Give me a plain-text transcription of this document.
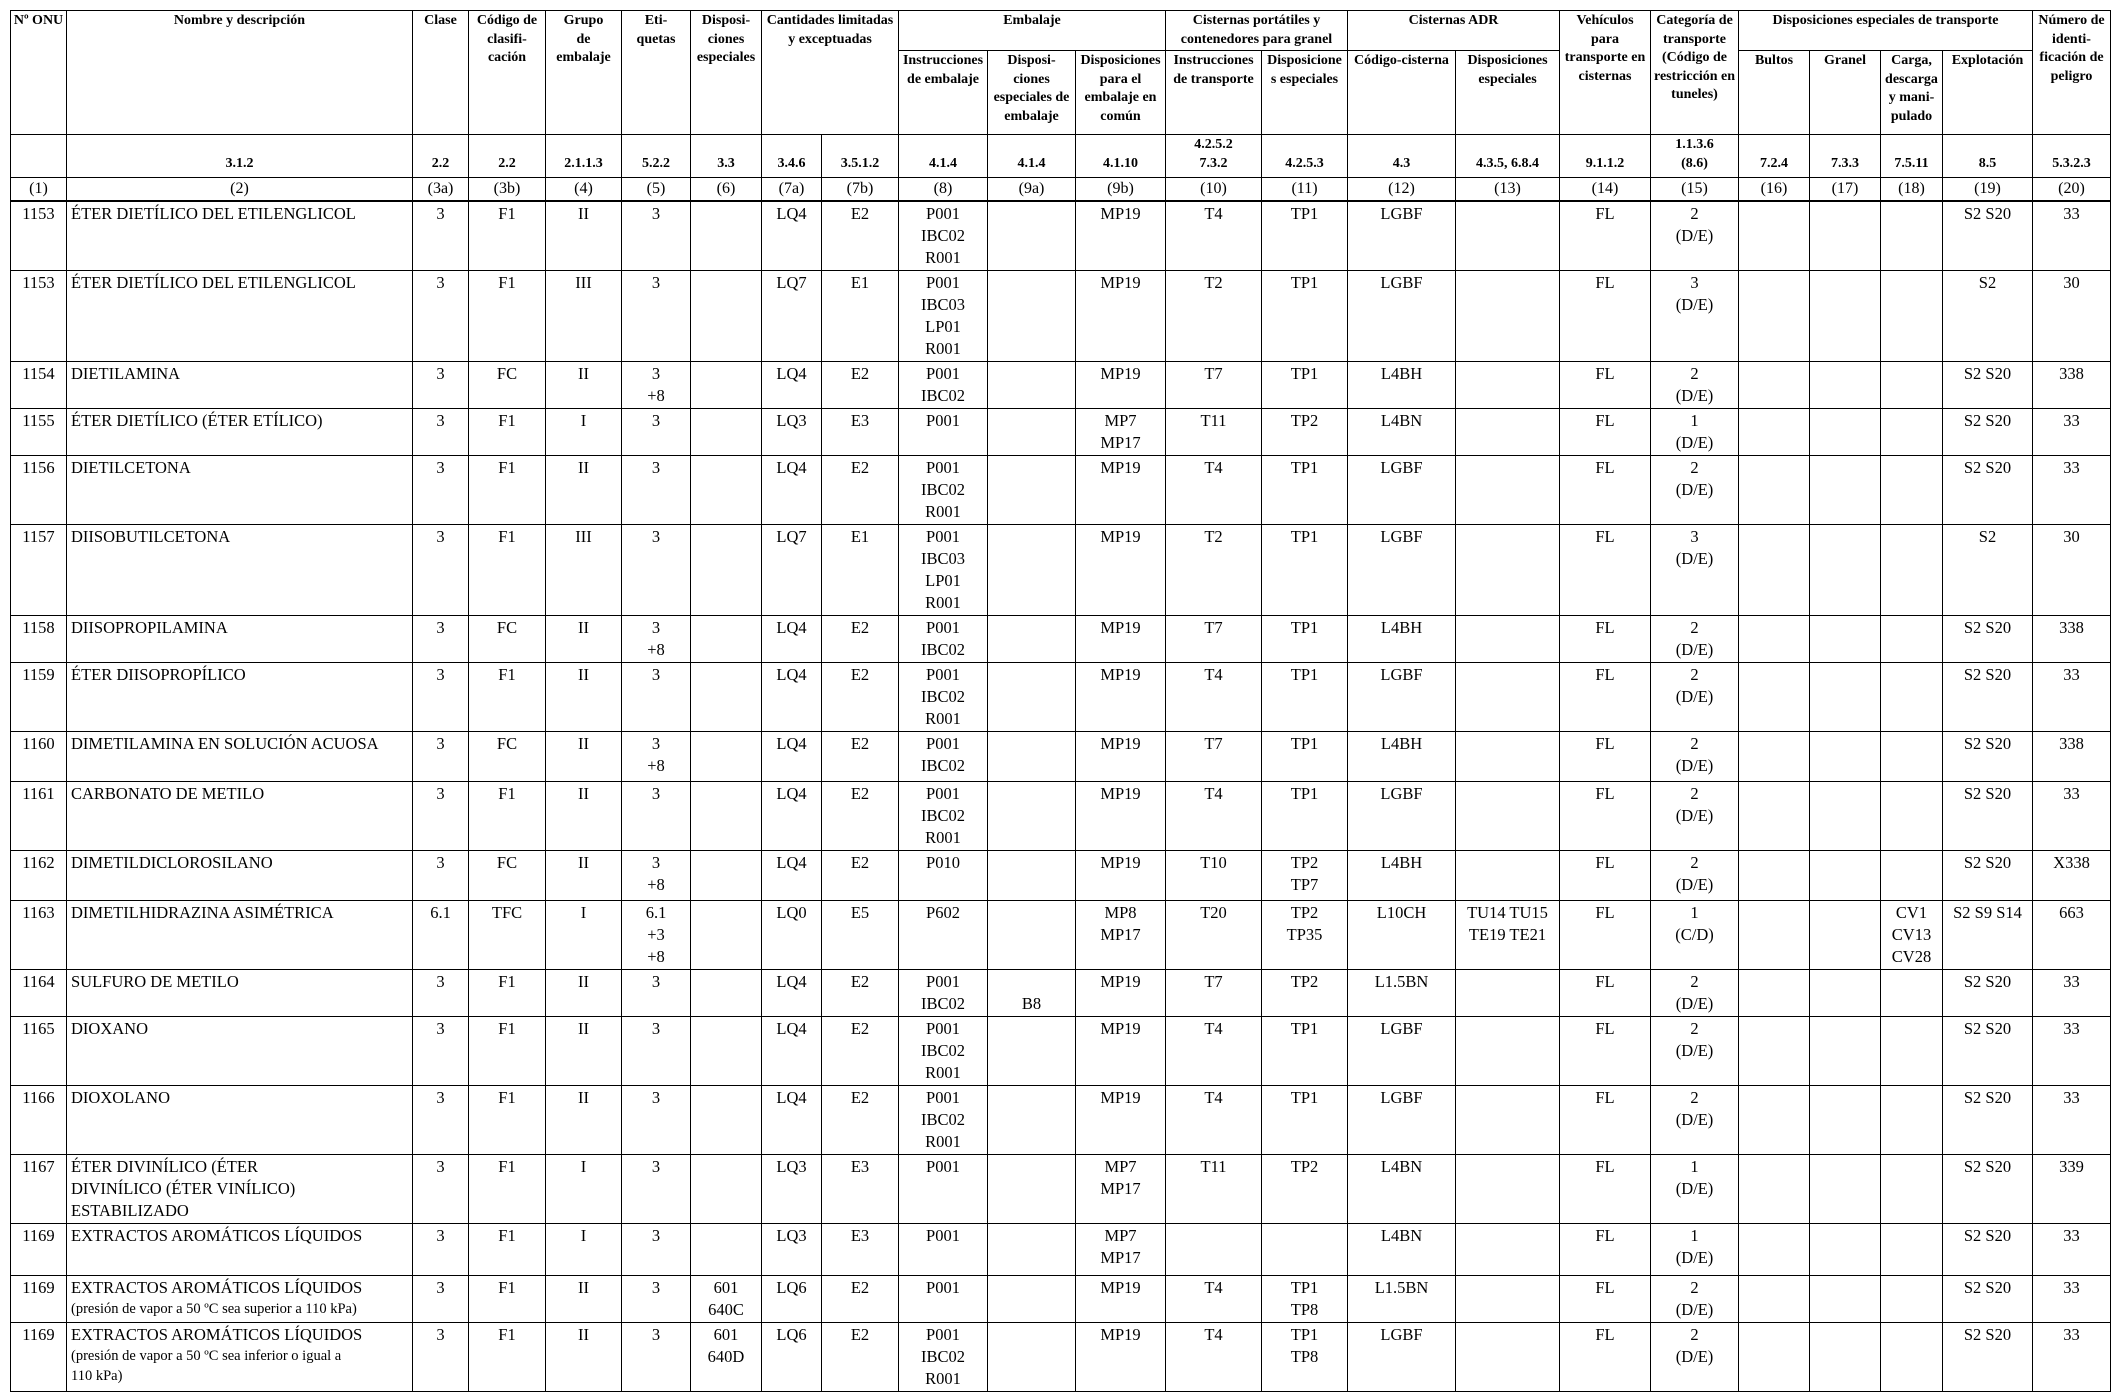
Nº ONU	Nombre y descripción	Clase	Código de
clasifi-
cación	Grupo
de
embalaje	Eti-
quetas	Disposi-
ciones
especiales	Cantidades limitadas
y exceptuadas		Embalaje			Cisternas portátiles y
contenedores para granel		Cisternas ADR		Vehículos
para
transporte en
cisternas	Categoría de
transporte
(Código de
restricción en
tuneles)	Disposiciones especiales de transporte				Número de
identi-
ficación de
peligro
									Instrucciones
de embalaje	Disposi-
ciones
especiales de
embalaje	Disposiciones
para el
embalaje en
común	Instrucciones
de transporte	Disposicione
s especiales	Código-cisterna	Disposiciones
especiales			Bultos	Granel	Carga,
descarga
y mani-
pulado	Explotación	
	3.1.2	2.2	2.2	2.1.1.3	5.2.2	3.3	3.4.6	3.5.1.2	4.1.4	4.1.4	4.1.10	4.2.5.2
7.3.2	4.2.5.3	4.3	4.3.5, 6.8.4	9.1.1.2	1.1.3.6
(8.6)	7.2.4	7.3.3	7.5.11	8.5	5.3.2.3
(1)	(2)	(3a)	(3b)	(4)	(5)	(6)	(7a)	(7b)	(8)	(9a)	(9b)	(10)	(11)	(12)	(13)	(14)	(15)	(16)	(17)	(18)	(19)	(20)
1153	ÉTER DIETÍLICO DEL ETILENGLICOL	3	F1	II	3		LQ4	E2	P001
IBC02
R001		MP19	T4	TP1	LGBF		FL	2
(D/E)				S2 S20	33
1153	ÉTER DIETÍLICO DEL ETILENGLICOL	3	F1	III	3		LQ7	E1	P001
IBC03
LP01
R001		MP19	T2	TP1	LGBF		FL	3
(D/E)				S2	30
1154	DIETILAMINA	3	FC	II	3
+8		LQ4	E2	P001
IBC02		MP19	T7	TP1	L4BH		FL	2
(D/E)				S2 S20	338
1155	ÉTER DIETÍLICO (ÉTER ETÍLICO)	3	F1	I	3		LQ3	E3	P001		MP7
MP17	T11	TP2	L4BN		FL	1
(D/E)				S2 S20	33
1156	DIETILCETONA	3	F1	II	3		LQ4	E2	P001
IBC02
R001		MP19	T4	TP1	LGBF		FL	2
(D/E)				S2 S20	33
1157	DIISOBUTILCETONA	3	F1	III	3		LQ7	E1	P001
IBC03
LP01
R001		MP19	T2	TP1	LGBF		FL	3
(D/E)				S2	30
1158	DIISOPROPILAMINA	3	FC	II	3
+8		LQ4	E2	P001
IBC02		MP19	T7	TP1	L4BH		FL	2
(D/E)				S2 S20	338
1159	ÉTER DIISOPROPÍLICO	3	F1	II	3		LQ4	E2	P001
IBC02
R001		MP19	T4	TP1	LGBF		FL	2
(D/E)				S2 S20	33
1160	DIMETILAMINA EN SOLUCIÓN ACUOSA	3	FC	II	3
+8		LQ4	E2	P001
IBC02		MP19	T7	TP1	L4BH		FL	2
(D/E)				S2 S20	338
1161	CARBONATO DE METILO	3	F1	II	3		LQ4	E2	P001
IBC02
R001		MP19	T4	TP1	LGBF		FL	2
(D/E)				S2 S20	33
1162	DIMETILDICLOROSILANO	3	FC	II	3
+8		LQ4	E2	P010		MP19	T10	TP2
TP7	L4BH		FL	2
(D/E)				S2 S20	X338
1163	DIMETILHIDRAZINA ASIMÉTRICA	6.1	TFC	I	6.1
+3
+8		LQ0	E5	P602		MP8
MP17	T20	TP2
TP35	L10CH	TU14 TU15
TE19 TE21	FL	1
(C/D)			CV1
CV13
CV28	S2 S9 S14	663
1164	SULFURO DE METILO	3	F1	II	3		LQ4	E2	P001
IBC02	
B8	MP19	T7	TP2	L1.5BN		FL	2
(D/E)				S2 S20	33
1165	DIOXANO	3	F1	II	3		LQ4	E2	P001
IBC02
R001		MP19	T4	TP1	LGBF		FL	2
(D/E)				S2 S20	33
1166	DIOXOLANO	3	F1	II	3		LQ4	E2	P001
IBC02
R001		MP19	T4	TP1	LGBF		FL	2
(D/E)				S2 S20	33
1167	ÉTER DIVINÍLICO (ÉTER
DIVINÍLICO (ÉTER VINÍLICO)
ESTABILIZADO	3	F1	I	3		LQ3	E3	P001		MP7
MP17	T11	TP2	L4BN		FL	1
(D/E)				S2 S20	339
1169	EXTRACTOS AROMÁTICOS LÍQUIDOS	3	F1	I	3		LQ3	E3	P001		MP7
MP17			L4BN		FL	1
(D/E)				S2 S20	33
1169	EXTRACTOS AROMÁTICOS LÍQUIDOS
(presión de vapor a 50 ºC sea superior a 110 kPa)	3	F1	II	3	601
640C	LQ6	E2	P001		MP19	T4	TP1
TP8	L1.5BN		FL	2
(D/E)				S2 S20	33
1169	EXTRACTOS AROMÁTICOS LÍQUIDOS
(presión de vapor a 50 ºC sea inferior o igual a
110 kPa)	3	F1	II	3	601
640D	LQ6	E2	P001
IBC02
R001		MP19	T4	TP1
TP8	LGBF		FL	2
(D/E)				S2 S20	33
